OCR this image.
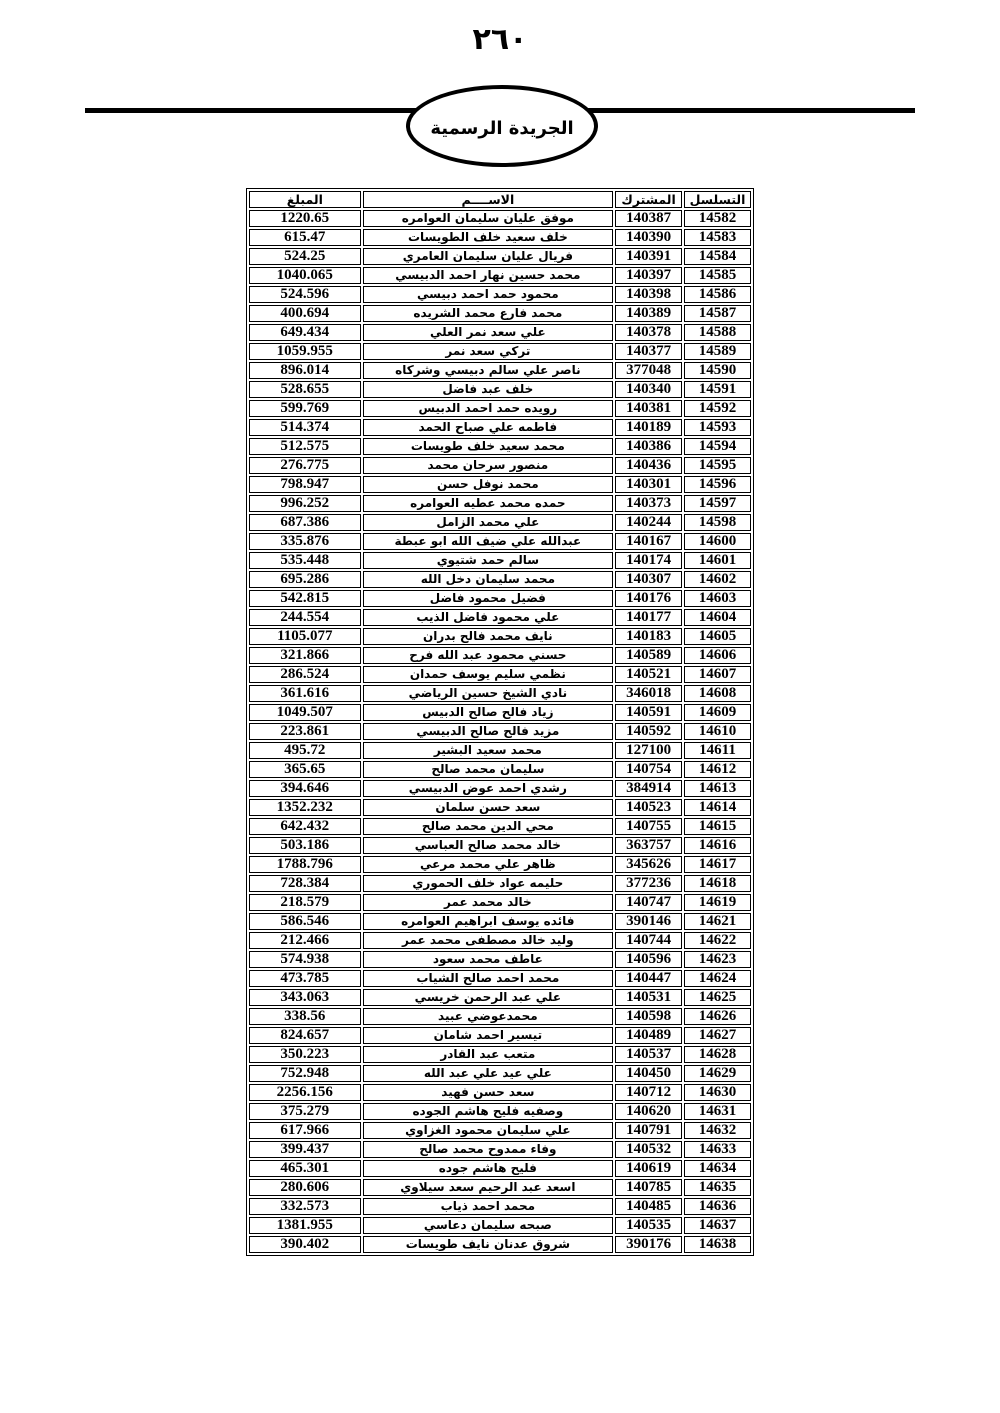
٢٦٠
الجريدة الرسمية
التسلسل	المشترك	الاســــم	المبلغ
14582	140387	موفق عليان سليمان العوامره	1220.65
14583	140390	خلف سعيد خلف الطويسات	615.47
14584	140391	فريال عليان سليمان العامري	524.25
14585	140397	محمد حسين نهار احمد الدبيسي	1040.065
14586	140398	محمود حمد احمد دبيسي	524.596
14587	140389	محمد فارع محمد الشريده	400.694
14588	140378	علي سعد نمر العلي	649.434
14589	140377	تركي سعد نمر	1059.955
14590	377048	ناصر علي سالم دبيسي وشركاه	896.014
14591	140340	خلف عبد فاضل	528.655
14592	140381	رويده حمد احمد الدبيس	599.769
14593	140189	فاطمه علي صباح الحمد	514.374
14594	140386	محمد سعيد خلف طويسات	512.575
14595	140436	منصور سرحان محمد	276.775
14596	140301	محمد نوفل حسن	798.947
14597	140373	حمده محمد عطيه العوامره	996.252
14598	140244	علي محمد الزامل	687.386
14600	140167	عبدالله علي ضيف الله ابو عبطة	335.876
14601	140174	سالم حمد شتيوي	535.448
14602	140307	محمد سليمان دخل الله	695.286
14603	140176	فضيل محمود فاضل	542.815
14604	140177	علي محمود فاضل الذيب	244.554
14605	140183	نايف محمد فالح بدران	1105.077
14606	140589	حسني محمود عبد الله فرح	321.866
14607	140521	نظمي سليم يوسف حمدان	286.524
14608	346018	نادي الشيخ حسين الرياضي	361.616
14609	140591	زياد فالح صالح الدبيس	1049.507
14610	140592	مزيد فالح صالح الدبيسي	223.861
14611	127100	محمد سعيد البشير	495.72
14612	140754	سليمان محمد صالح	365.65
14613	384914	رشدي احمد عوض الدبيسي	394.646
14614	140523	سعد حسن سلمان	1352.232
14615	140755	محي الدين محمد صالح	642.432
14616	363757	خالد محمد صالح العباسي	503.186
14617	345626	ظاهر علي محمد مرعي	1788.796
14618	377236	حليمه عواد خلف الحموري	728.384
14619	140747	خالد محمد عمر	218.579
14621	390146	فائده يوسف ابراهيم العوامره	586.546
14622	140744	وليد خالد مصطفى محمد عمر	212.466
14623	140596	عاطف محمد سعود	574.938
14624	140447	محمد احمد صالح الشياب	473.785
14625	140531	علي عبد الرحمن خريسي	343.063
14626	140598	محمدعوضي عبيد	338.56
14627	140489	تيسير احمد شامان	824.657
14628	140537	متعب عبد القادر	350.223
14629	140450	علي عيد علي عبد الله	752.948
14630	140712	سعد حسن فهيد	2256.156
14631	140620	وصفيه فليح هاشم الجوده	375.279
14632	140791	علي سليمان محمود الغزاوي	617.966
14633	140532	وفاء ممدوح محمد صالح	399.437
14634	140619	فليح هاشم جوده	465.301
14635	140785	اسعد عبد الرحيم سعد سيلاوي	280.606
14636	140485	محمد احمد ذياب	332.573
14637	140535	صبحه سليمان دعاسي	1381.955
14638	390176	شروق عدنان نايف طويسات	390.402
